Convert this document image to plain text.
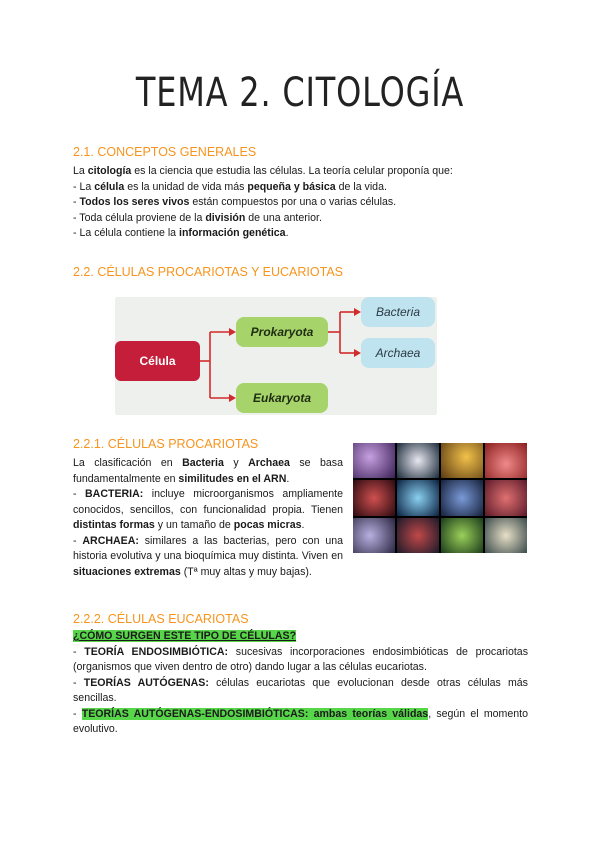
TEMA 2. CITOLOGÍA
2.1. CONCEPTOS GENERALES

La citología es la ciencia que estudia las células. La teoría celular proponía que:

- La célula es la unidad de vida más pequeña y básica de la vida.

- Todos los seres vivos están compuestos por una o varias células.

- Toda célula proviene de la división de una anterior.

- La célula contiene la información genética.

2.2. CÉLULAS PROCARIOTAS Y EUCARIOTAS
Célula
Prokaryota
Eukaryota
Bacteria
Archaea
2.2.1. CÉLULAS PROCARIOTAS

La clasificación en Bacteria y Archaea se basa fundamentalmente en similitudes en el ARN.

- BACTERIA: incluye microorganismos ampliamente conocidos, sencillos, con funcionalidad propia. Tienen distintas formas y un tamaño de pocas micras.

- ARCHAEA: similares a las bacterias, pero con una historia evolutiva y una bioquímica muy distinta. Viven en situaciones extremas (Tª muy altas y muy bajas).

2.2.2. CÉLULAS EUCARIOTAS

¿CÓMO SURGEN ESTE TIPO DE CÉLULAS?

- TEORÍA ENDOSIMBIÓTICA: sucesivas incorporaciones endosimbióticas de procariotas (organismos que viven dentro de otro) dando lugar a las células eucariotas.

- TEORÍAS AUTÓGENAS: células eucariotas que evolucionan desde otras células más sencillas.

- TEORÍAS AUTÓGENAS-ENDOSIMBIÓTICAS: ambas teorías válidas, según el momento evolutivo.
